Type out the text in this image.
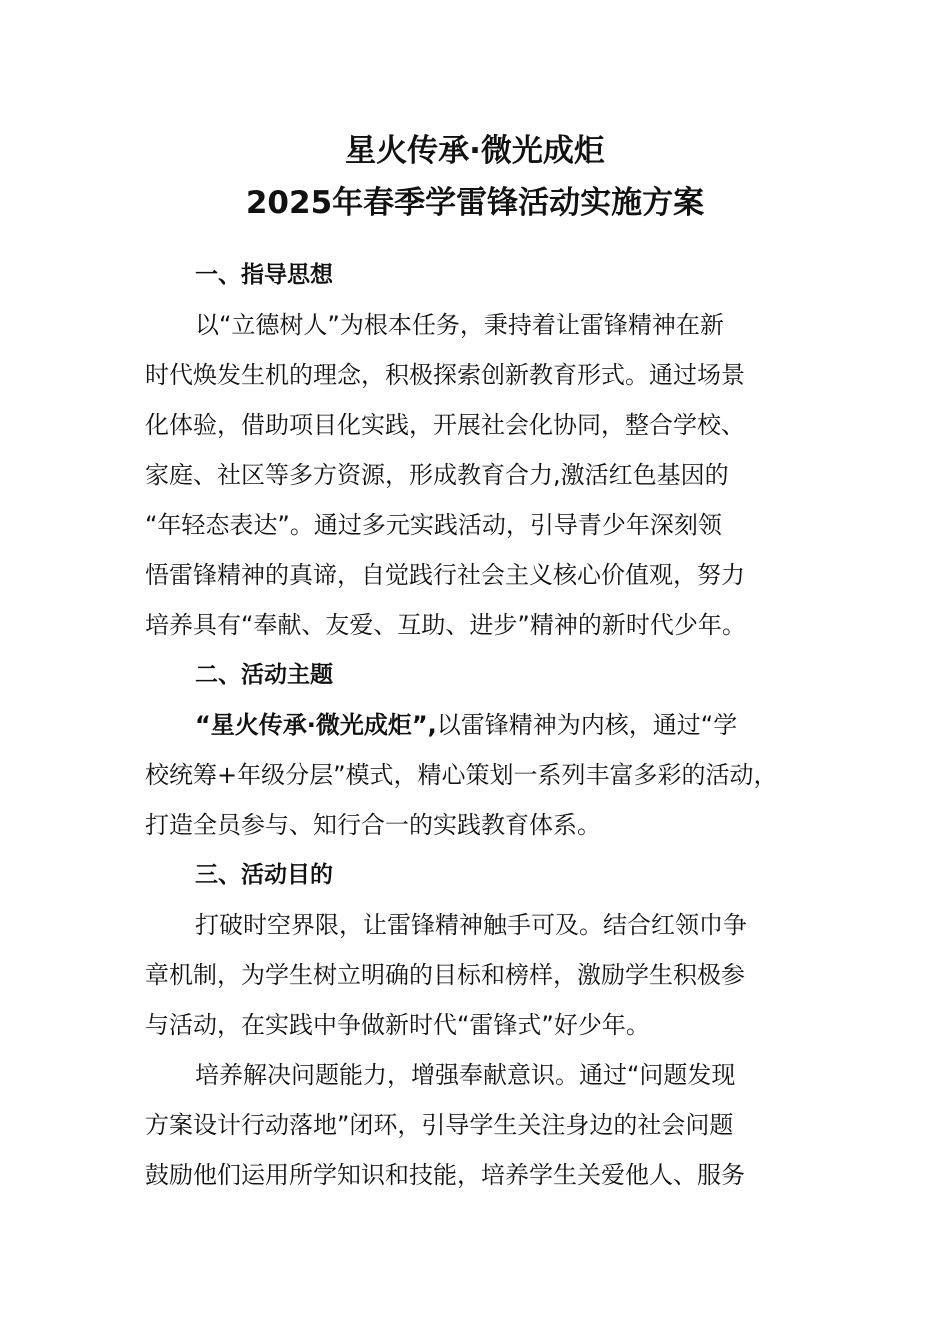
星火传承·微光成炬
2025年春季学雷锋活动实施方案

一、指导思想

以“立德树人”为根本任务，秉持着让雷锋精神在新

时代焕发生机的理念，积极探索创新教育形式。通过场景

化体验，借助项目化实践，开展社会化协同，整合学校、

家庭、社区等多方资源，形成教育合力,激活红色基因的

“年轻态表达”。通过多元实践活动，引导青少年深刻领

悟雷锋精神的真谛，自觉践行社会主义核心价值观，努力

培养具有“奉献、友爱、互助、进步”精神的新时代少年。

二、活动主题

“星火传承·微光成炬”,以雷锋精神为内核，通过“学

校统筹+年级分层”模式，精心策划一系列丰富多彩的活动，

打造全员参与、知行合一的实践教育体系。

三、活动目的

打破时空界限，让雷锋精神触手可及。结合红领巾争

章机制，为学生树立明确的目标和榜样，激励学生积极参

与活动，在实践中争做新时代“雷锋式”好少年。

培养解决问题能力，增强奉献意识。通过“问题发现

方案设计行动落地”闭环，引导学生关注身边的社会问题

鼓励他们运用所学知识和技能，培养学生关爱他人、服务
